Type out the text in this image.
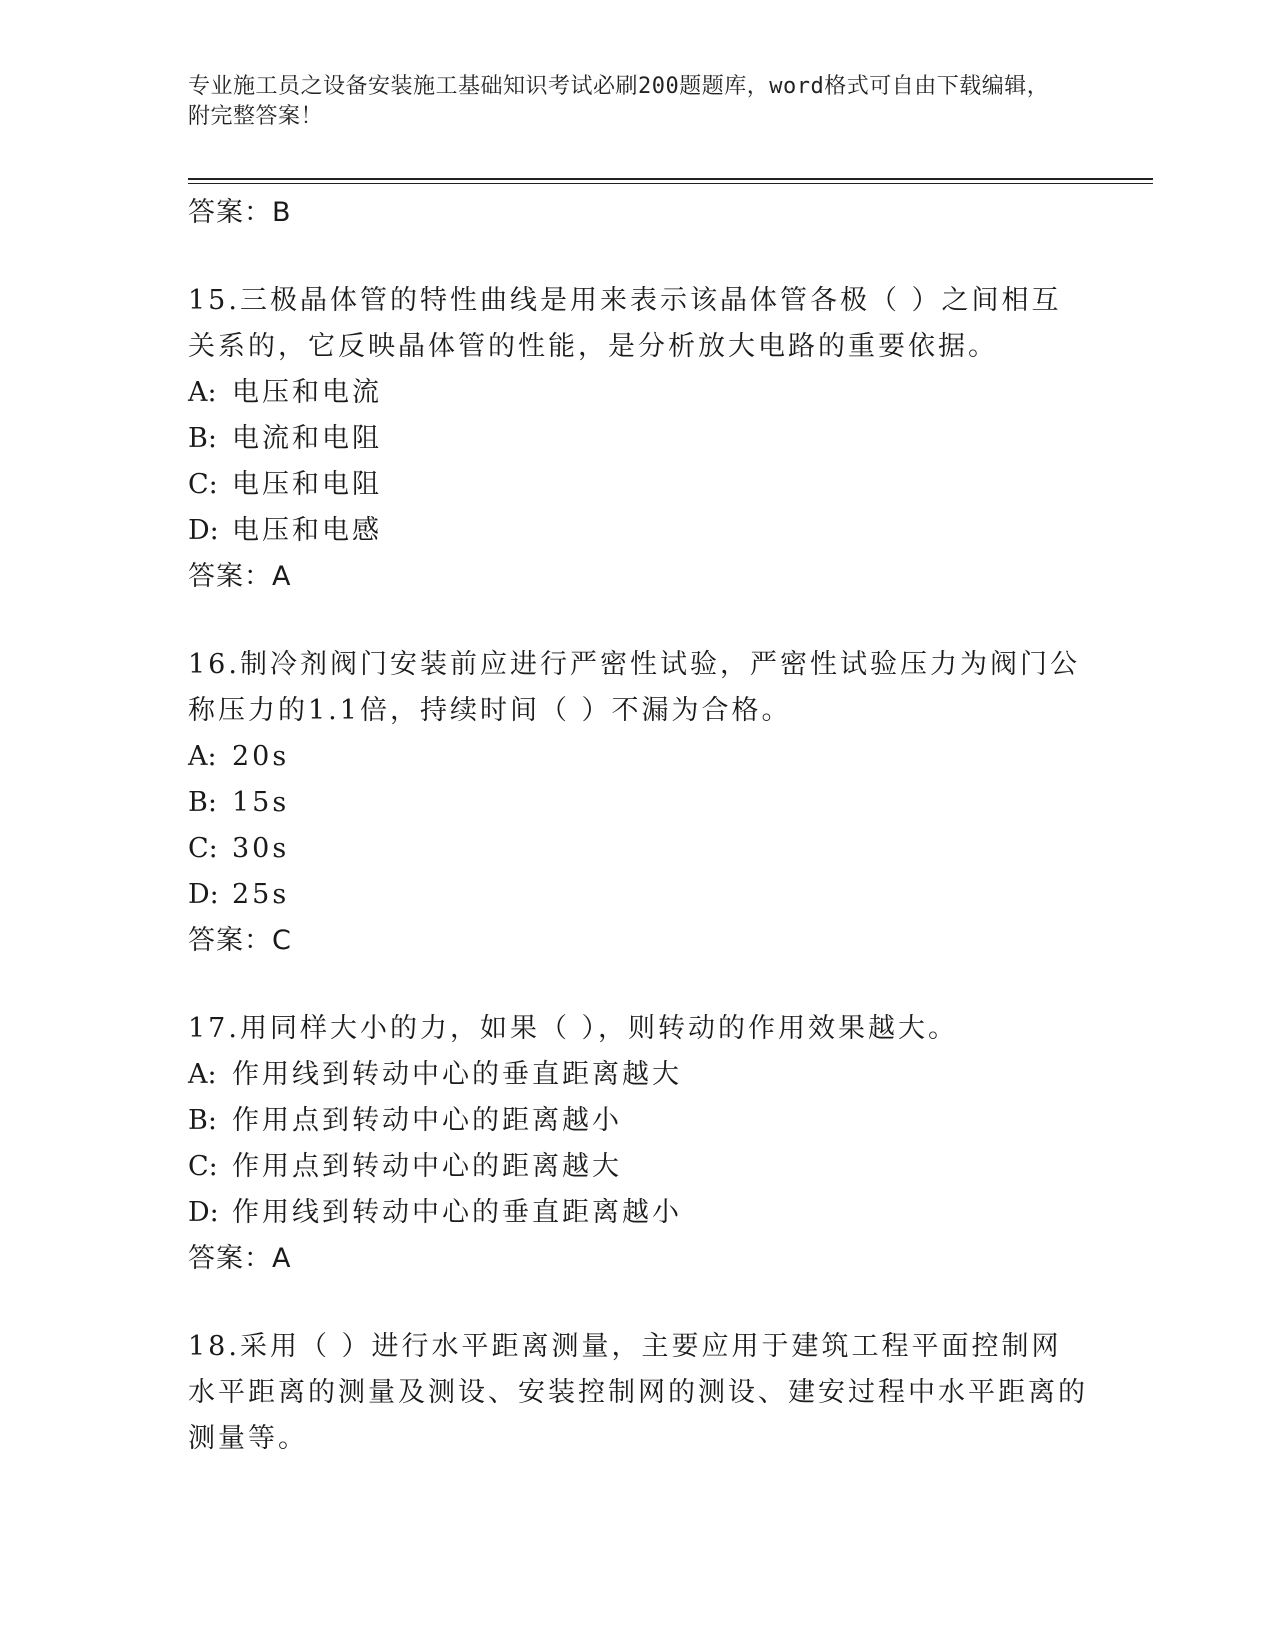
专业施工员之设备安装施工基础知识考试必刷200题题库，word格式可自由下载编辑，附完整答案！
答案：B
15.三极晶体管的特性曲线是用来表示该晶体管各极（ ）之间相互关系的，它反映晶体管的性能，是分析放大电路的重要依据。
A: 电压和电流
B: 电流和电阻
C: 电压和电阻
D: 电压和电感
答案：A
16.制冷剂阀门安装前应进行严密性试验，严密性试验压力为阀门公称压力的1.1倍，持续时间（ ）不漏为合格。
A: 20s
B: 15s
C: 30s
D: 25s
答案：C
17.用同样大小的力，如果（ ），则转动的作用效果越大。
A: 作用线到转动中心的垂直距离越大
B: 作用点到转动中心的距离越小
C: 作用点到转动中心的距离越大
D: 作用线到转动中心的垂直距离越小
答案：A
18.采用（ ）进行水平距离测量，主要应用于建筑工程平面控制网水平距离的测量及测设、安装控制网的测设、建安过程中水平距离的测量等。
